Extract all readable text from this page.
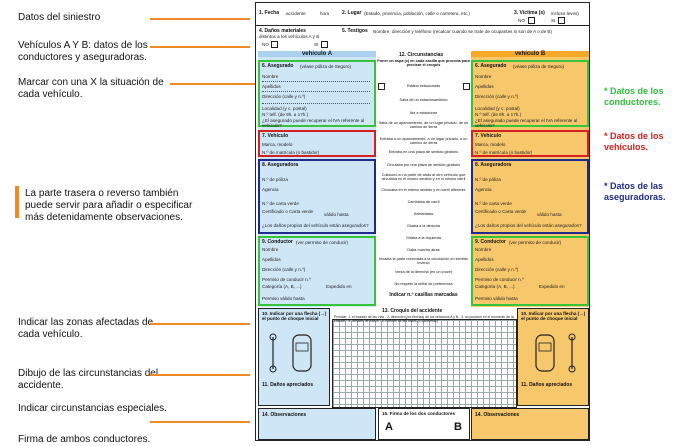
Datos del siniestro
Vehículos A Y B: datos de los conductores y aseguradoras.
Marcar con una X la situación de cada vehículo.
La parte trasera o reverso también puede servir para añadir o especificar más detenidamente observaciones.
Indicar las zonas afectadas de cada vehículo.
Dibujo de las circunstancias del accidente.
Indicar circunstancias especiales.
Firma de ambos conductores.
* Datos de los conductores.
* Datos de los vehículos.
* Datos de las aseguradoras.
1. Fecha accidente	hora	2. Lugar (Estado, provincia, población, calle o carretera, etc.)	3. Víctima (s) incluso leves)
NO	SI
4. Daños materiales
distintos a los vehículos A y B
NO	SI
5. Testigos Nombre, dirección y teléfono (recalcar cuando se trate de ocupantes si son de A o de B)
vehículo A
6. Asegurado (véase póliza de Seguro)
Nombre
Apellidos
Dirección (calle y n.º)
Localidad (y c. postal)
N.º telf. (de 9h. a 17h.)
¿El asegurado puede recuperar el IVA referente al vehículo?
7. Vehículo
Marca, modelo
N.º de matrícula (o bastidor)
8. Aseguradora
N.º de póliza
Agencia
N.º de carta verde
Certificado o Carta verde
válido hasta
¿Los daños propios del vehículo están asegurados?
9. Conductor (ver permiso de conducir)
Nombre
Apellidos
Dirección (calle y n.º)
Permiso de conducir n.º
Categoría (A, B, ...)	Expedido en
Permiso válido hasta
12. Circunstancias
Poner un aspa (x) en cada casilla que proceda para precisar el croquis
Estaba estacionado
Salía de un estacionamiento
Iba a estacionar
Salía de un aparcamiento, de un lugar privado, de un camino de tierra
Entraba a un aparcamiento, a un lugar privado, a un camino de tierra
Entraba en una plaza de sentido giratorio
Circulaba por una plaza de sentido giratorio
Colisionó en la parte de atrás al otro vehículo que circulaba en el mismo sentido y en el mismo carril
Circulaba en el mismo sentido y en carril diferente
Cambiaba de carril
Adelantaba
Giraba a la derecha
Giraba a la izquierda
Daba marcha atrás
Invadía la parte reservada a la circulación en sentido inverso
Venía de la derecha (en un cruce)
No respetó la señal de preferencia
Indicar n.º casillas marcadas
vehículo B
6. Asegurado (véase póliza de Seguro)
Nombre
Apellidos
Dirección (calle y n.º)
Localidad (y c. postal)
N.º telf. (de 9h. a 17h.)
¿El asegurado puede recuperar el IVA referente al vehículo?
7. Vehículo
Marca, modelo
N.º de matrícula (o bastidor)
8. Aseguradora
N.º de póliza
Agencia
N.º de carta verde
Certificado o Carta verde
válido hasta
¿Los daños propios del vehículo están asegurados?
9. Conductor (ver permiso de conducir)
Nombre
Apellidos
Dirección (calle y n.º)
Permiso de conducir n.º
Categoría (A, B, ...)	Expedido en
Permiso válido hasta
10. Indicar por una flecha (→) el punto de choque inicial
11. Daños apreciados
13. Croquis del accidente
Precisar: 1. el trazado de las vías - 2. dirección (por flechas) de los vehículos A y B - 3. su posición en el momento de la colisión - 4. señales de tráfico - 5. nombre de las calles (o carreteras)
10. Indicar por una flecha (→) el punto de choque inicial
11. Daños apreciados
14. Observaciones	15. Firma de los dos conductores
A	B
14. Observaciones
